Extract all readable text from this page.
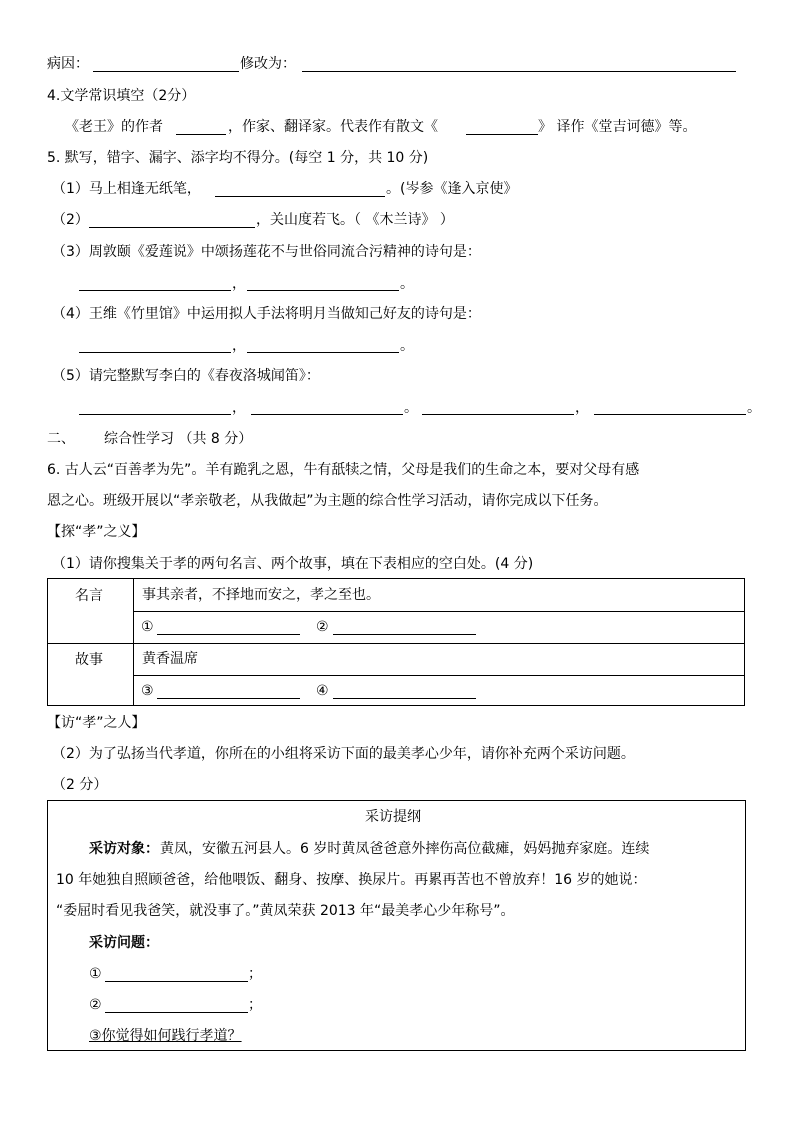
病因：	修改为：
4.文学常识填空（2分）
《老王》的作者	，作家、翻译家。代表作有散文《	》 译作《堂吉诃德》等。
5. 默写，错字、漏字、添字均不得分。(每空 1 分，共 10 分)
（1）马上相逢无纸笔，	。(岑参《逢入京使》
（2）	，关山度若飞。（ 《木兰诗》 ）
（3）周敦颐《爱莲说》中颂扬莲花不与世俗同流合污精神的诗句是：
，	。
（4）王维《竹里馆》中运用拟人手法将明月当做知己好友的诗句是：
，	。
（5）请完整默写李白的《春夜洛城闻笛》：
，	。	，	。
二、 综合性学习 （共 8 分）
6. 古人云“百善孝为先”。羊有跪乳之恩，牛有舐犊之情，父母是我们的生命之本，要对父母有感
恩之心。班级开展以“孝亲敬老，从我做起”为主题的综合性学习活动，请你完成以下任务。
【探“孝”之义】
（1）请你搜集关于孝的两句名言、两个故事，填在下表相应的空白处。(4 分)
名言	事其亲者，不择地而安之，孝之至也。
①	②
故事	黄香温席
③	④
【访“孝”之人】
（2）为了弘扬当代孝道，你所在的小组将采访下面的最美孝心少年，请你补充两个采访问题。
（2 分）
采访提纲
采访对象： 黄凤，安徽五河县人。6 岁时黄凤爸爸意外摔伤高位截瘫，妈妈抛弃家庭。连续
10 年她独自照顾爸爸，给他喂饭、翻身、按摩、换尿片。再累再苦也不曾放弃！16 岁的她说：
“委屈时看见我爸笑，就没事了。”黄凤荣获 2013 年“最美孝心少年称号”。
采访问题：
①	；
②	；
③你觉得如何践行孝道？
